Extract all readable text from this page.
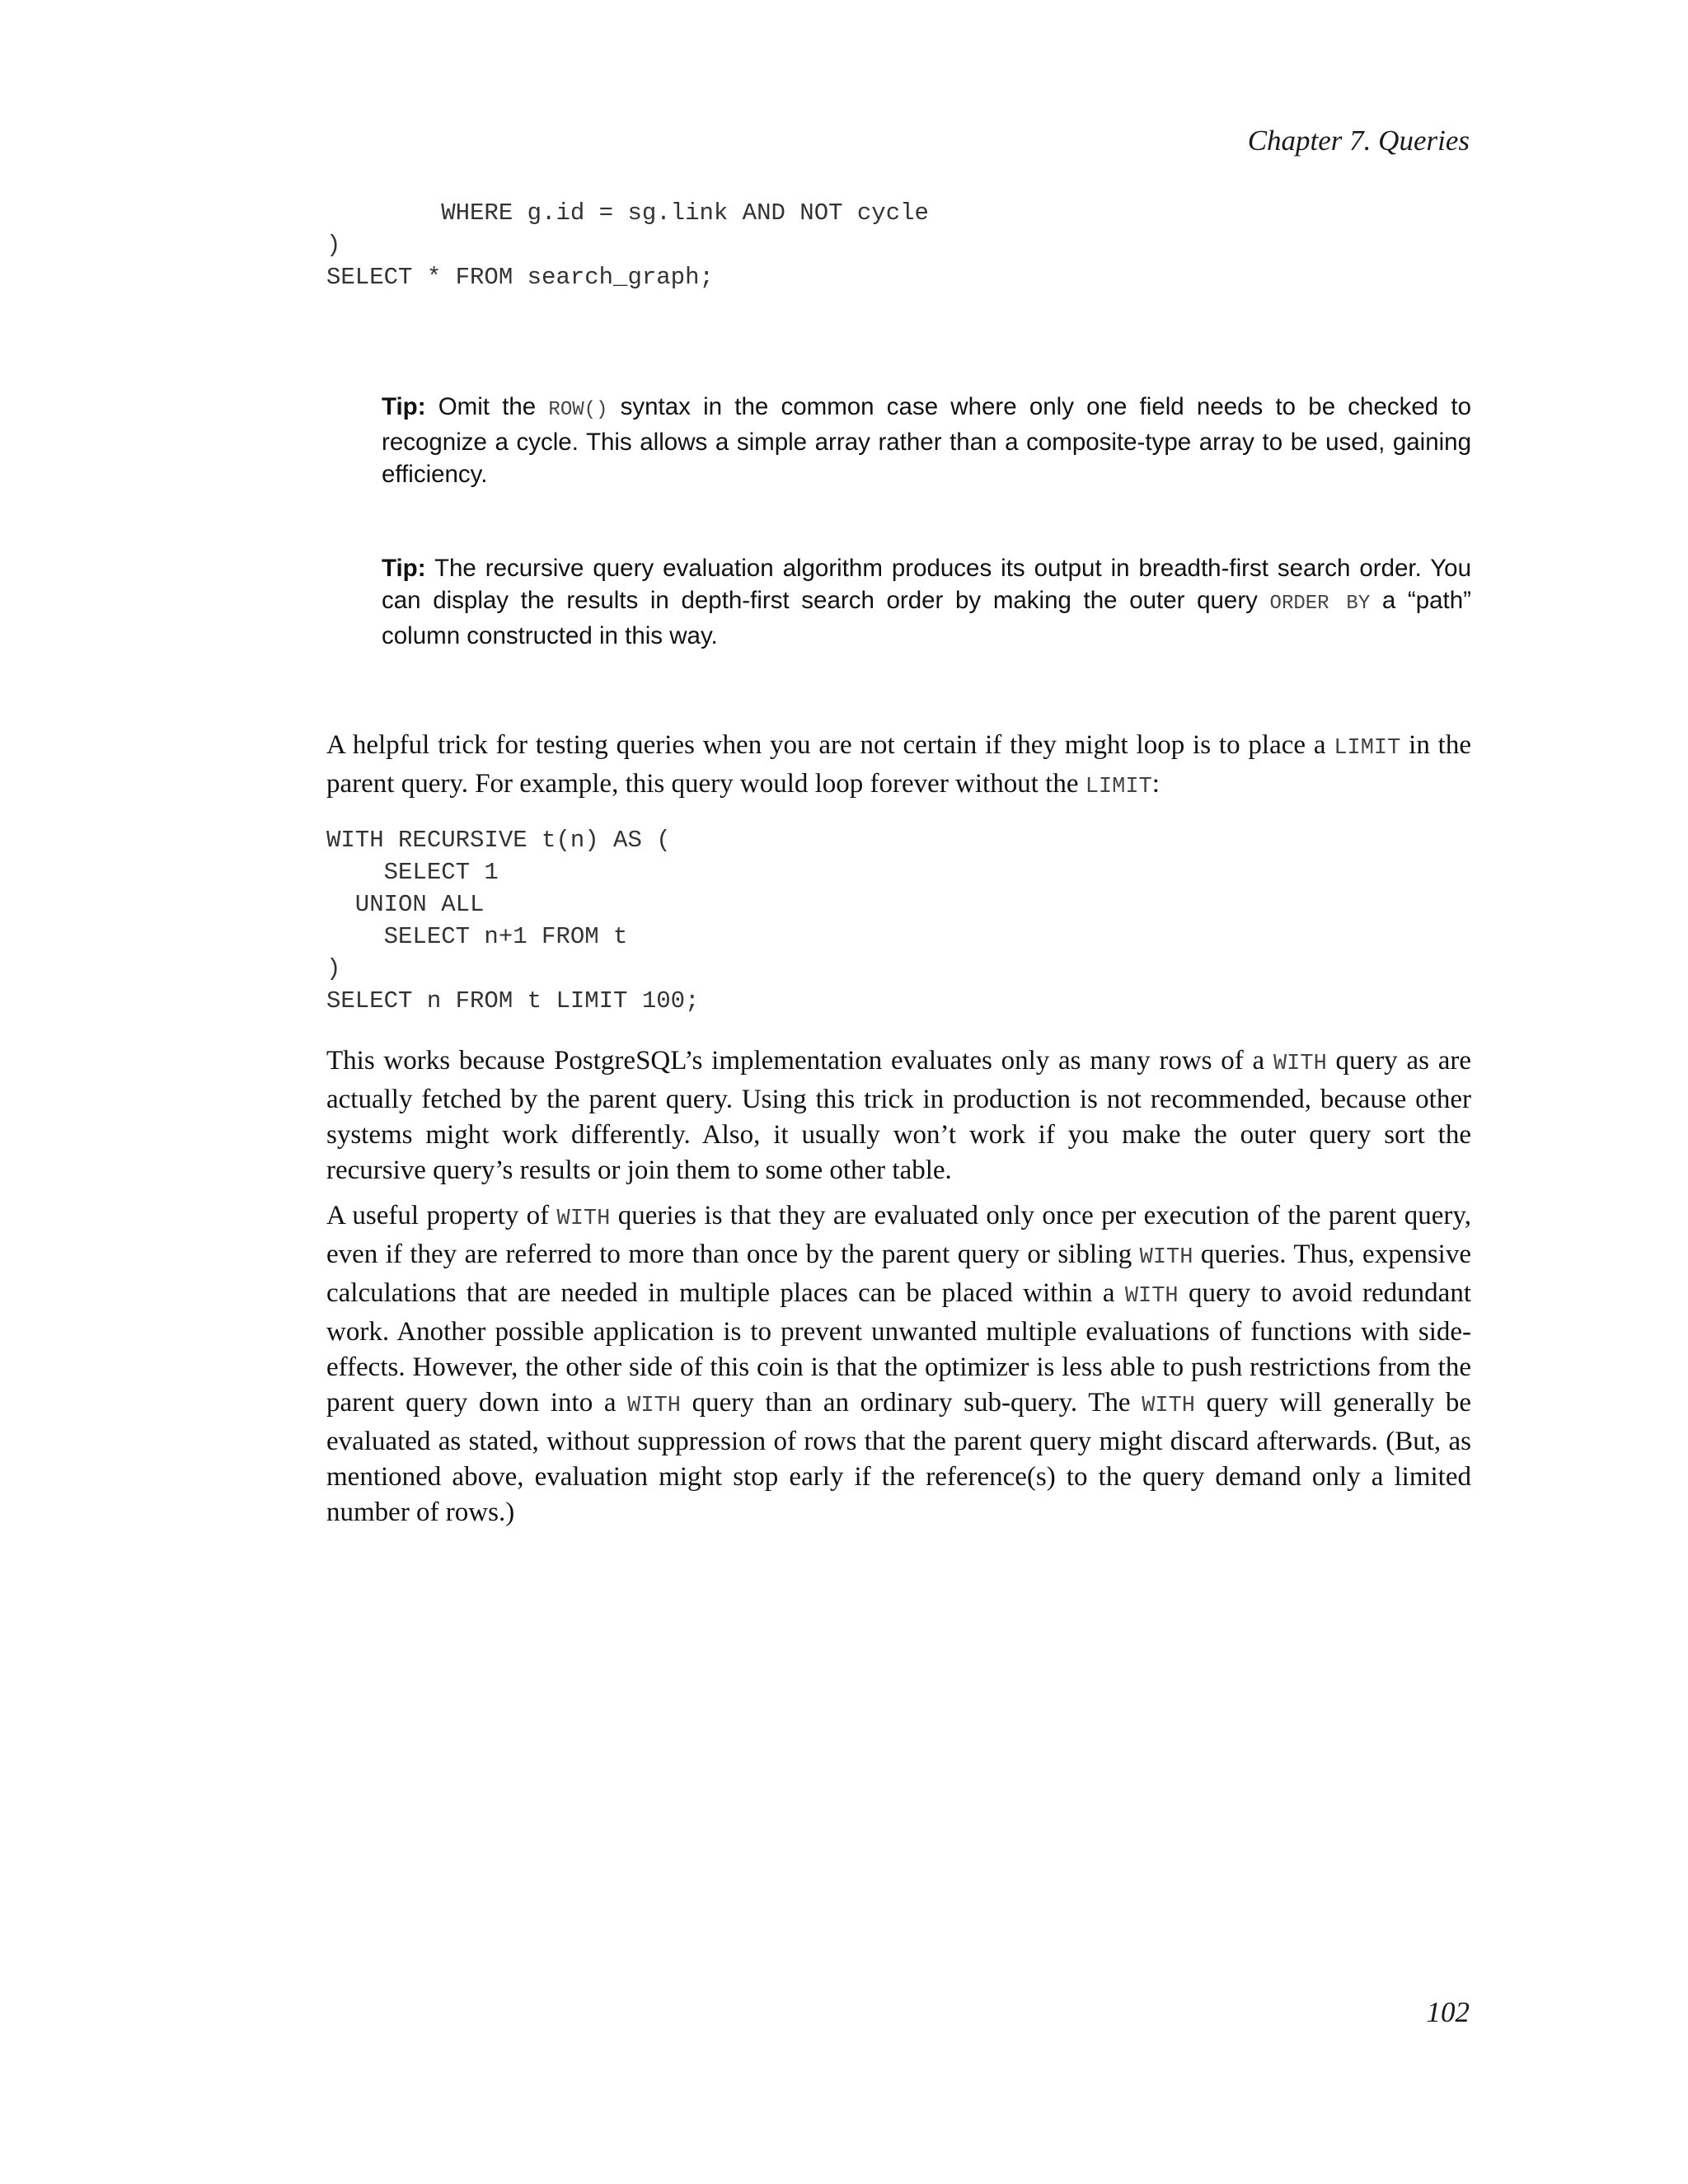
Chapter 7. Queries
WHERE g.id = sg.link AND NOT cycle
)
SELECT * FROM search_graph;

Tip: Omit the ROW() syntax in the common case where only one field needs to be checked to recognize a cycle. This allows a simple array rather than a composite-type array to be used, gaining efficiency.

Tip: The recursive query evaluation algorithm produces its output in breadth-first search order. You can display the results in depth-first search order by making the outer query ORDER BY a “path” column constructed in this way.

A helpful trick for testing queries when you are not certain if they might loop is to place a LIMIT in the parent query. For example, this query would loop forever without the LIMIT:

WITH RECURSIVE t(n) AS (
SELECT 1
UNION ALL
SELECT n+1 FROM t
)
SELECT n FROM t LIMIT 100;

This works because PostgreSQL’s implementation evaluates only as many rows of a WITH query as are actually fetched by the parent query. Using this trick in production is not recommended, because other systems might work differently. Also, it usually won’t work if you make the outer query sort the recursive query’s results or join them to some other table.

A useful property of WITH queries is that they are evaluated only once per execution of the parent query, even if they are referred to more than once by the parent query or sibling WITH queries. Thus, expensive calculations that are needed in multiple places can be placed within a WITH query to avoid redundant work. Another possible application is to prevent unwanted multiple evaluations of functions with side-effects. However, the other side of this coin is that the optimizer is less able to push restrictions from the parent query down into a WITH query than an ordinary sub-query. The WITH query will generally be evaluated as stated, without suppression of rows that the parent query might discard afterwards. (But, as mentioned above, evaluation might stop early if the reference(s) to the query demand only a limited number of rows.)

102
